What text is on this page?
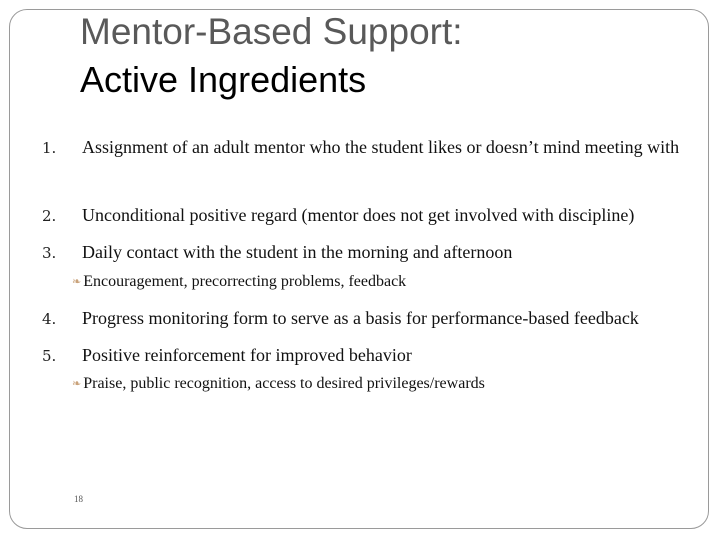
Mentor-Based Support:
Active Ingredients
1. Assignment of an adult mentor who the student likes or doesn’t mind meeting with
2. Unconditional positive regard (mentor does not get involved with discipline)
3. Daily contact with the student in the morning and afternoon
❧ Encouragement, precorrecting problems, feedback
4. Progress monitoring form to serve as a basis for performance-based feedback
5. Positive reinforcement for improved behavior
❧ Praise, public recognition, access to desired privileges/rewards
18
